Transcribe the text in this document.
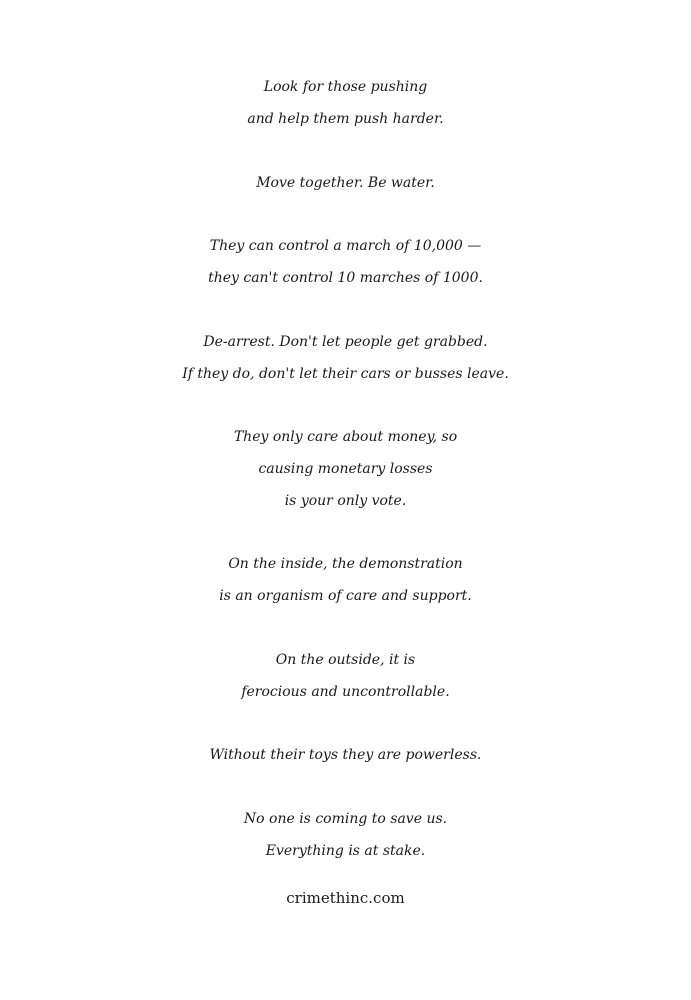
Look for those pushing
and help them push harder.
Move together. Be water.
They can control a march of 10,000 —
they can't control 10 marches of 1000.
De-arrest. Don't let people get grabbed.
If they do, don't let their cars or busses leave.
They only care about money, so
causing monetary losses
is your only vote.
On the inside, the demonstration
is an organism of care and support.
On the outside, it is
ferocious and uncontrollable.
Without their toys they are powerless.
No one is coming to save us.
Everything is at stake.
crimethinc.com
